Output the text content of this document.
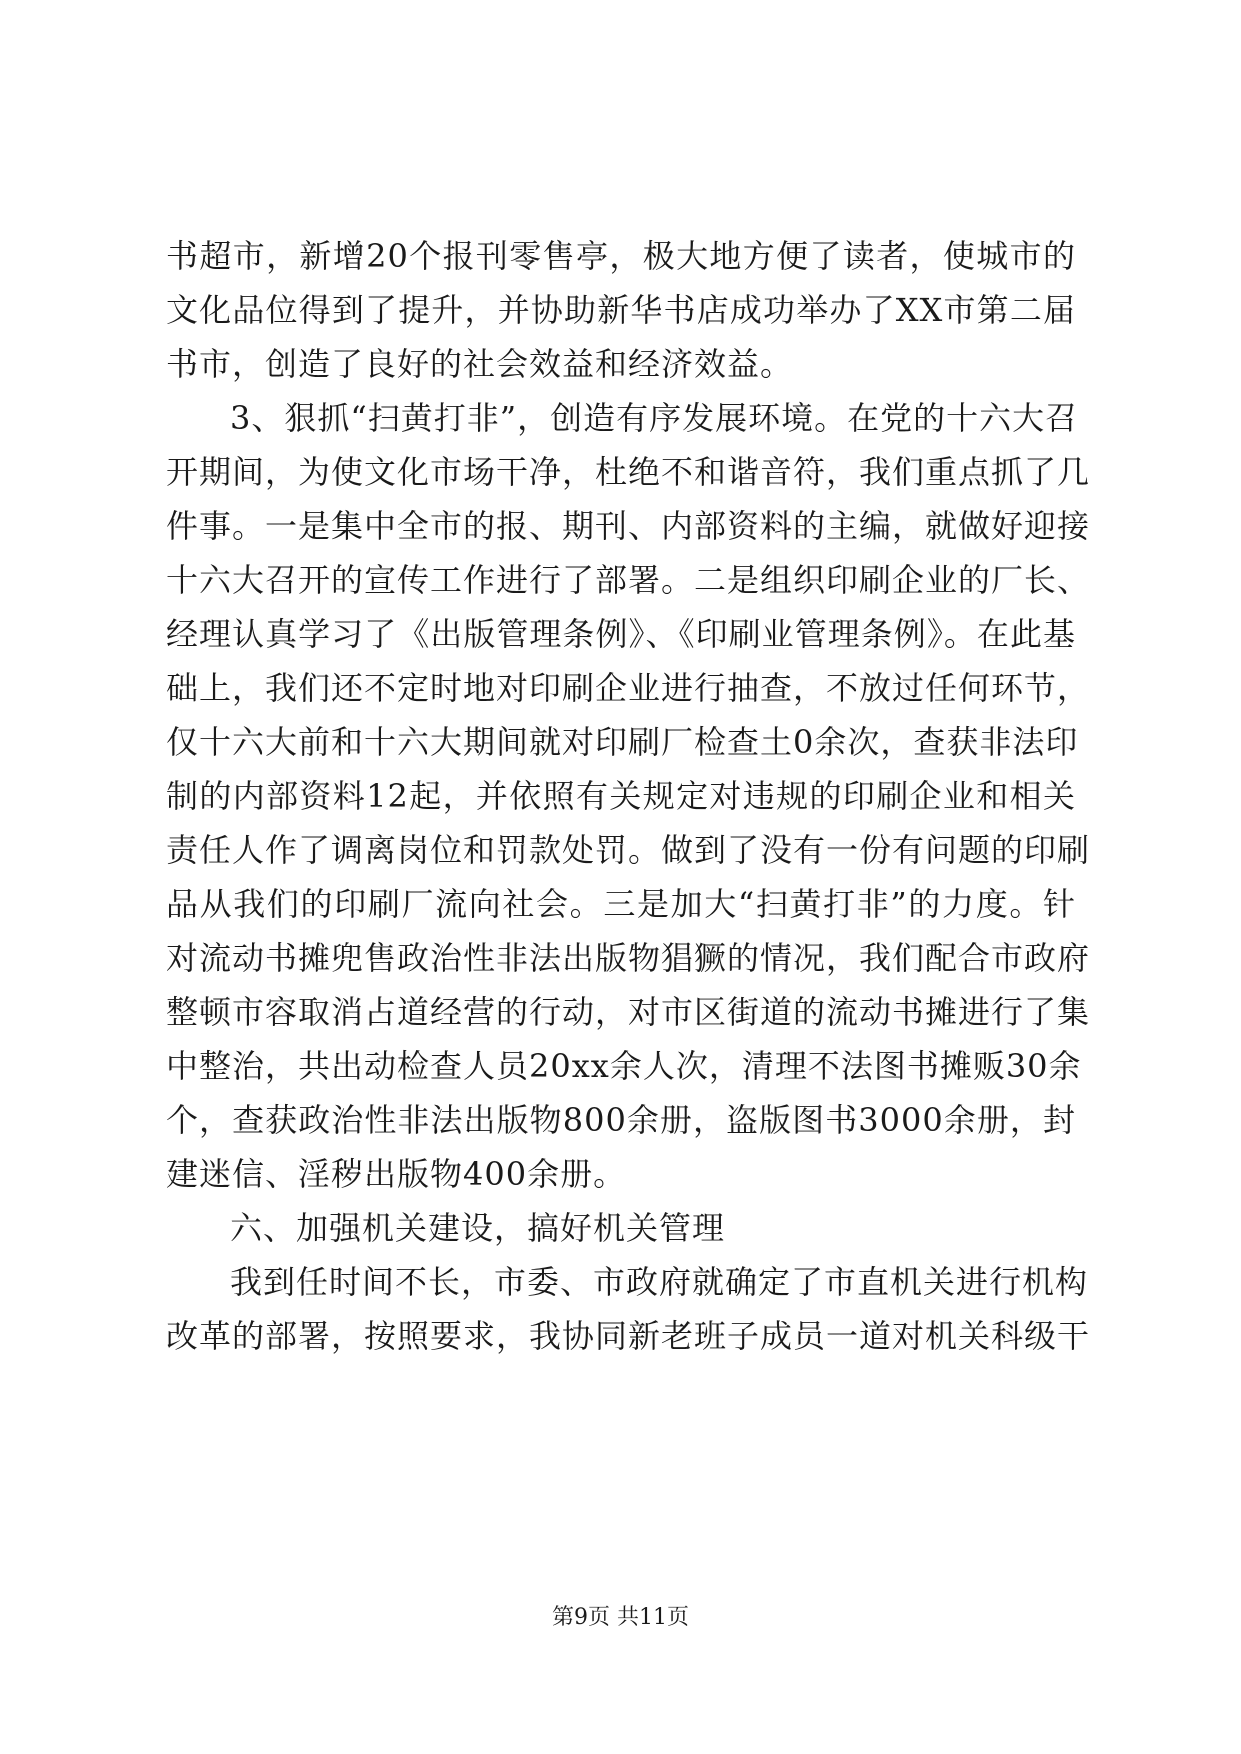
书超市，新增20个报刊零售亭，极大地方便了读者，使城市的
文化品位得到了提升，并协助新华书店成功举办了XX市第二届
书市，创造了良好的社会效益和经济效益。
3、狠抓“扫黄打非”，创造有序发展环境。在党的十六大召
开期间，为使文化市场干净，杜绝不和谐音符，我们重点抓了几
件事。一是集中全市的报、期刊、内部资料的主编，就做好迎接
十六大召开的宣传工作进行了部署。二是组织印刷企业的厂长、
经理认真学习了《出版管理条例》、《印刷业管理条例》。在此基
础上，我们还不定时地对印刷企业进行抽查，不放过任何环节，
仅十六大前和十六大期间就对印刷厂检查土0余次，查获非法印
制的内部资料12起，并依照有关规定对违规的印刷企业和相关
责任人作了调离岗位和罚款处罚。做到了没有一份有问题的印刷
品从我们的印刷厂流向社会。三是加大“扫黄打非”的力度。针
对流动书摊兜售政治性非法出版物猖獗的情况，我们配合市政府
整顿市容取消占道经营的行动，对市区街道的流动书摊进行了集
中整治，共出动检查人员20xx余人次，清理不法图书摊贩30余
个，查获政治性非法出版物800余册，盗版图书3000余册，封
建迷信、淫秽出版物400余册。
六、加强机关建设，搞好机关管理
我到任时间不长，市委、市政府就确定了市直机关进行机构
改革的部署，按照要求，我协同新老班子成员一道对机关科级干
第9页 共11页
